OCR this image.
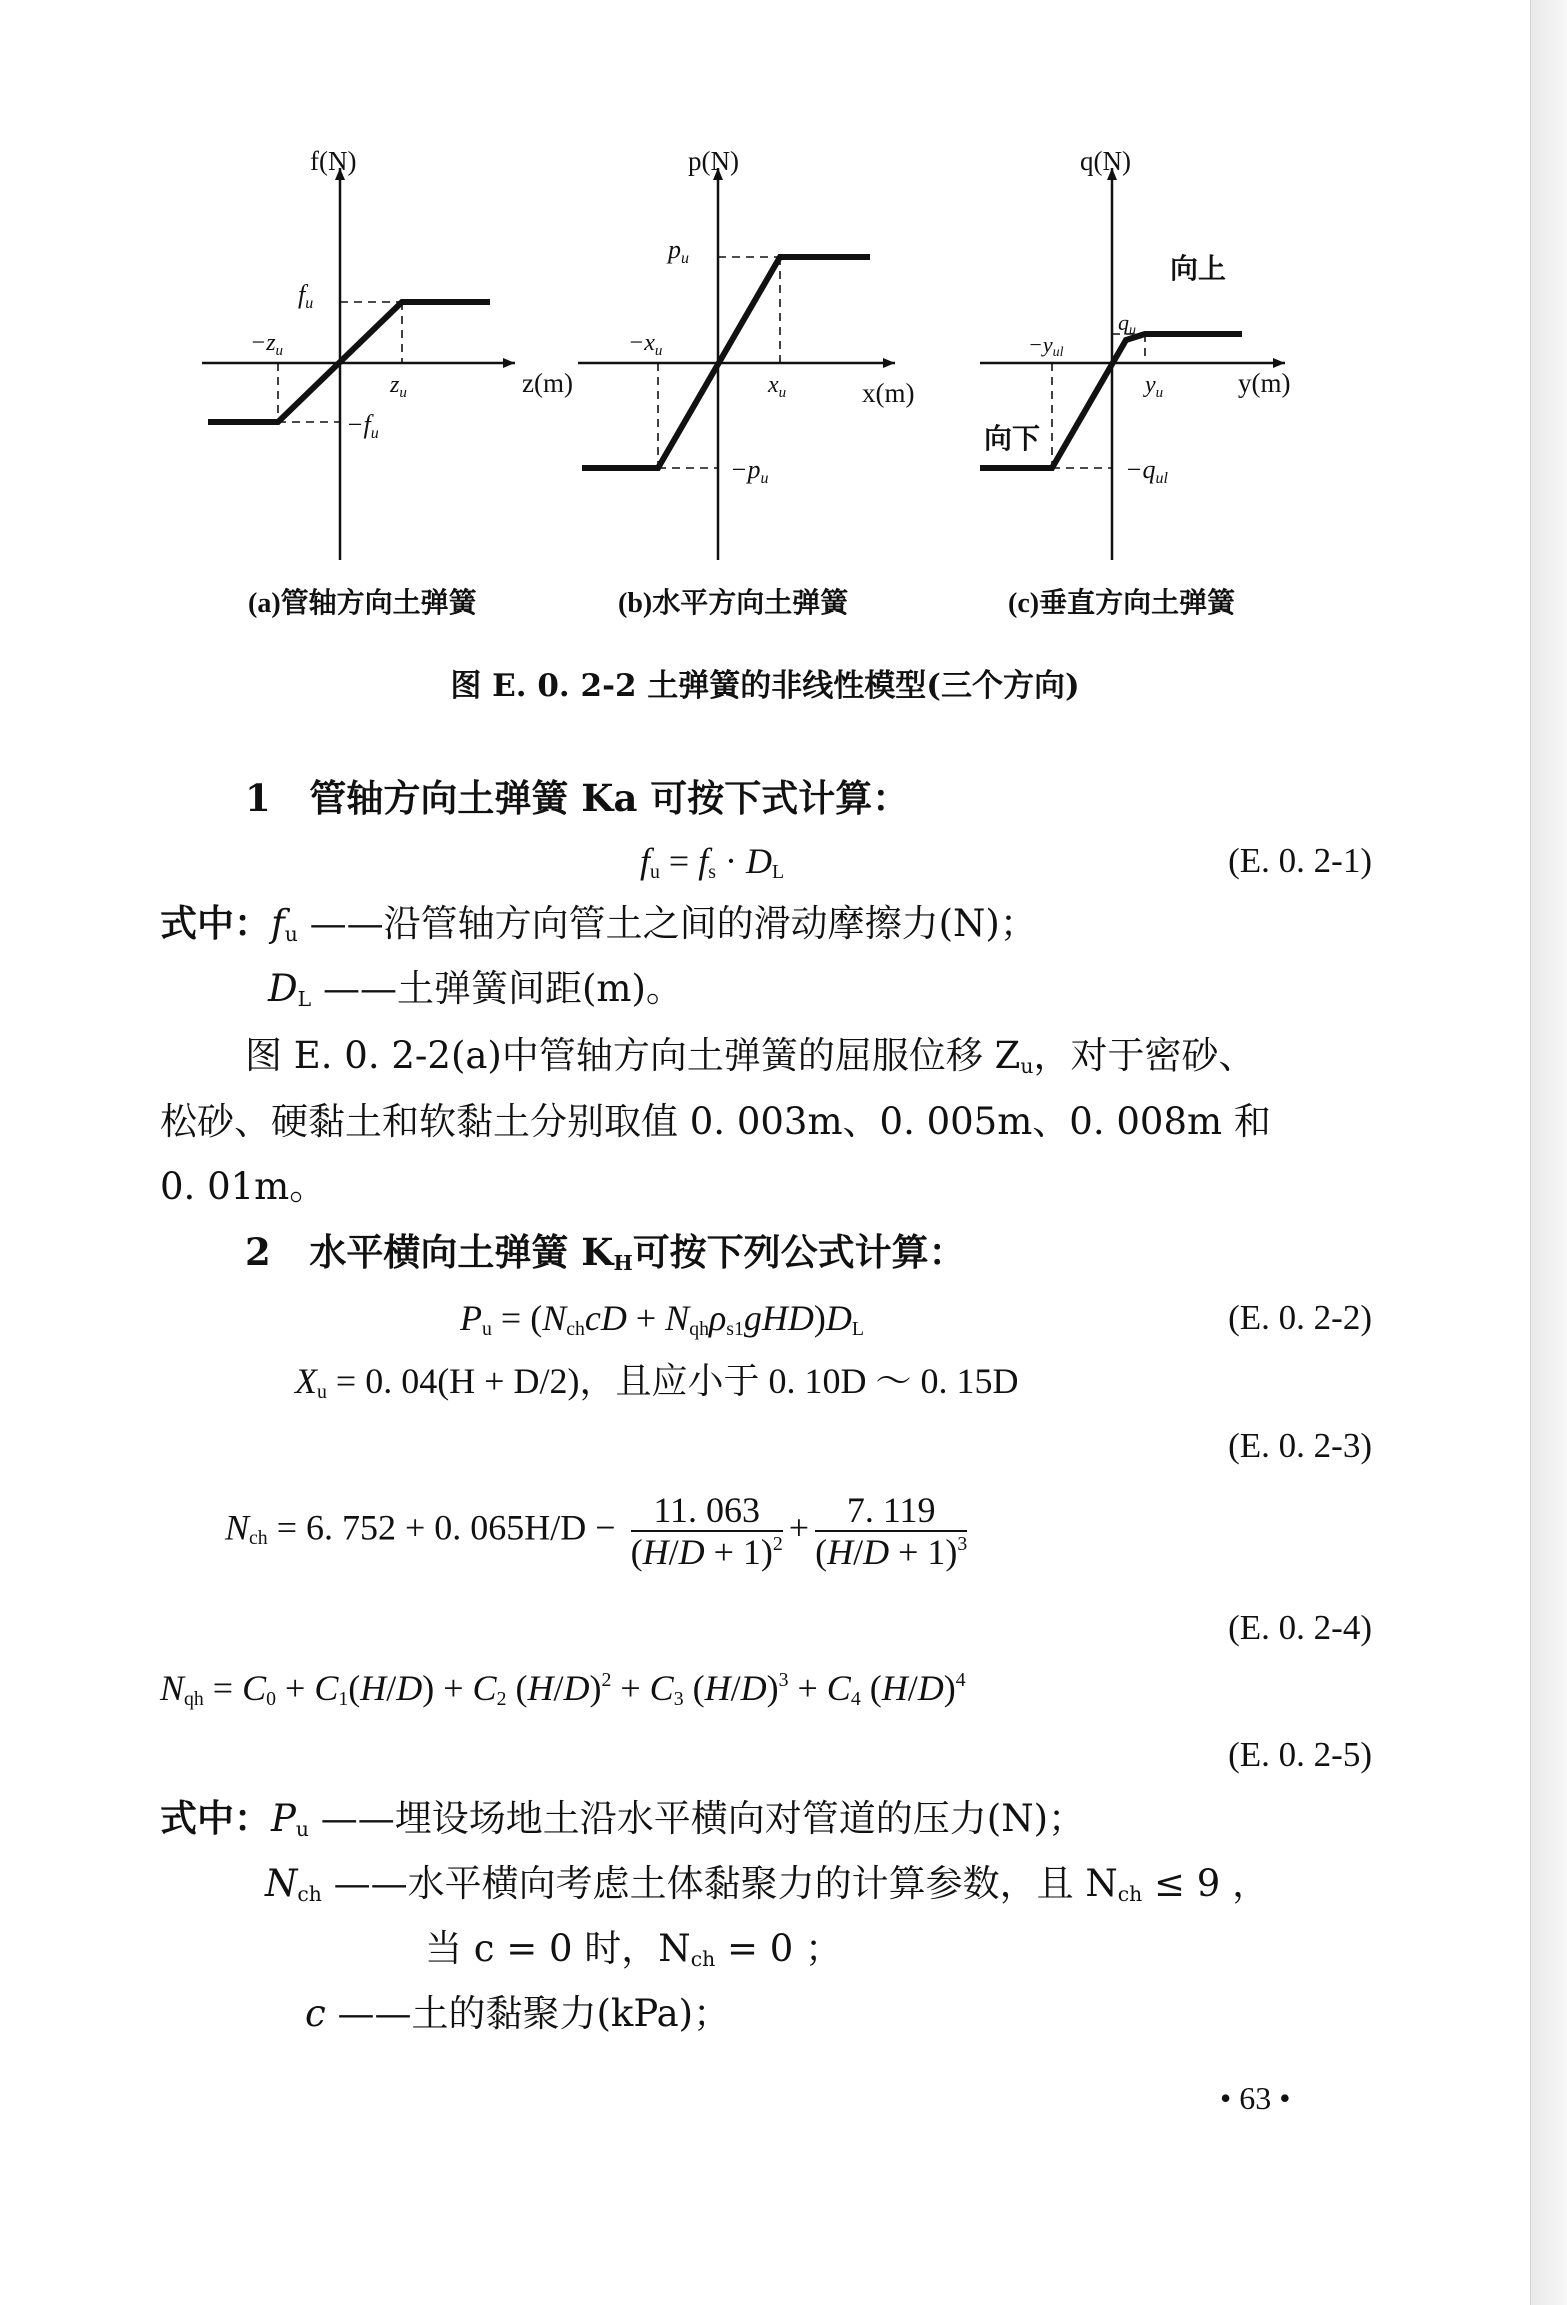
f(N)
z(m)
fu
−fu
$z_u$
$-z_u$
(a)管轴方向土弹簧
p(N)
x(m)
pu
−pu
$x_u$
$-x_u$
(b)水平方向土弹簧
q(N)
y(m)
向上
向下
qu
−qul
$y_u$
−yul
(c)垂直方向土弹簧
图 E. 0. 2-2 土弹簧的非线性模型(三个方向)
1 管轴方向土弹簧 Ka 可按下式计算：
$f_u = f_s \cdot D_L$	(E. 0. 2-1)
式中：$f_u$ ——沿管轴方向管土之间的滑动摩擦力(N)；
$D_L$ ——土弹簧间距(m)。
图 E. 0. 2-2(a)中管轴方向土弹簧的屈服位移 $Z_u$，对于密砂、
松砂、硬黏土和软黏土分别取值 0. 003m、0. 005m、0. 008m 和
0. 01m。
2 水平横向土弹簧 $K_H$可按下列公式计算：
$P_u = (N_{ch}cD + N_{qh}\rho_{s1}gHD)D_L$	(E. 0. 2-2)
$X_u = 0$. 04(H + D/2)，且应小于 0. 10D ～ 0. 15D
(E. 0. 2-3)
$N_{ch} = 6$. 752 + 0. $065H/D - \frac{11. 063}{(H/D + 1)^2} + \frac{7. 119}{(H/D + 1)^3}$
(E. 0. 2-4)
$N_{qh} = C_0 + C_1(H/D) + C_2$ $(H/D)^2 + C_3$ $(H/D)^3 + C_4$ $(H/D)^4$
(E. 0. 2-5)
式中：$P_u$ ——埋设场地土沿水平横向对管道的压力(N)；
$N_{ch}$ ——水平横向考虑土体黏聚力的计算参数，且 $N_{ch} \le 9$ ，
当 c = 0 时，$N_{ch} = 0$ ；
c ——土的黏聚力(kPa)；
• 63 •
